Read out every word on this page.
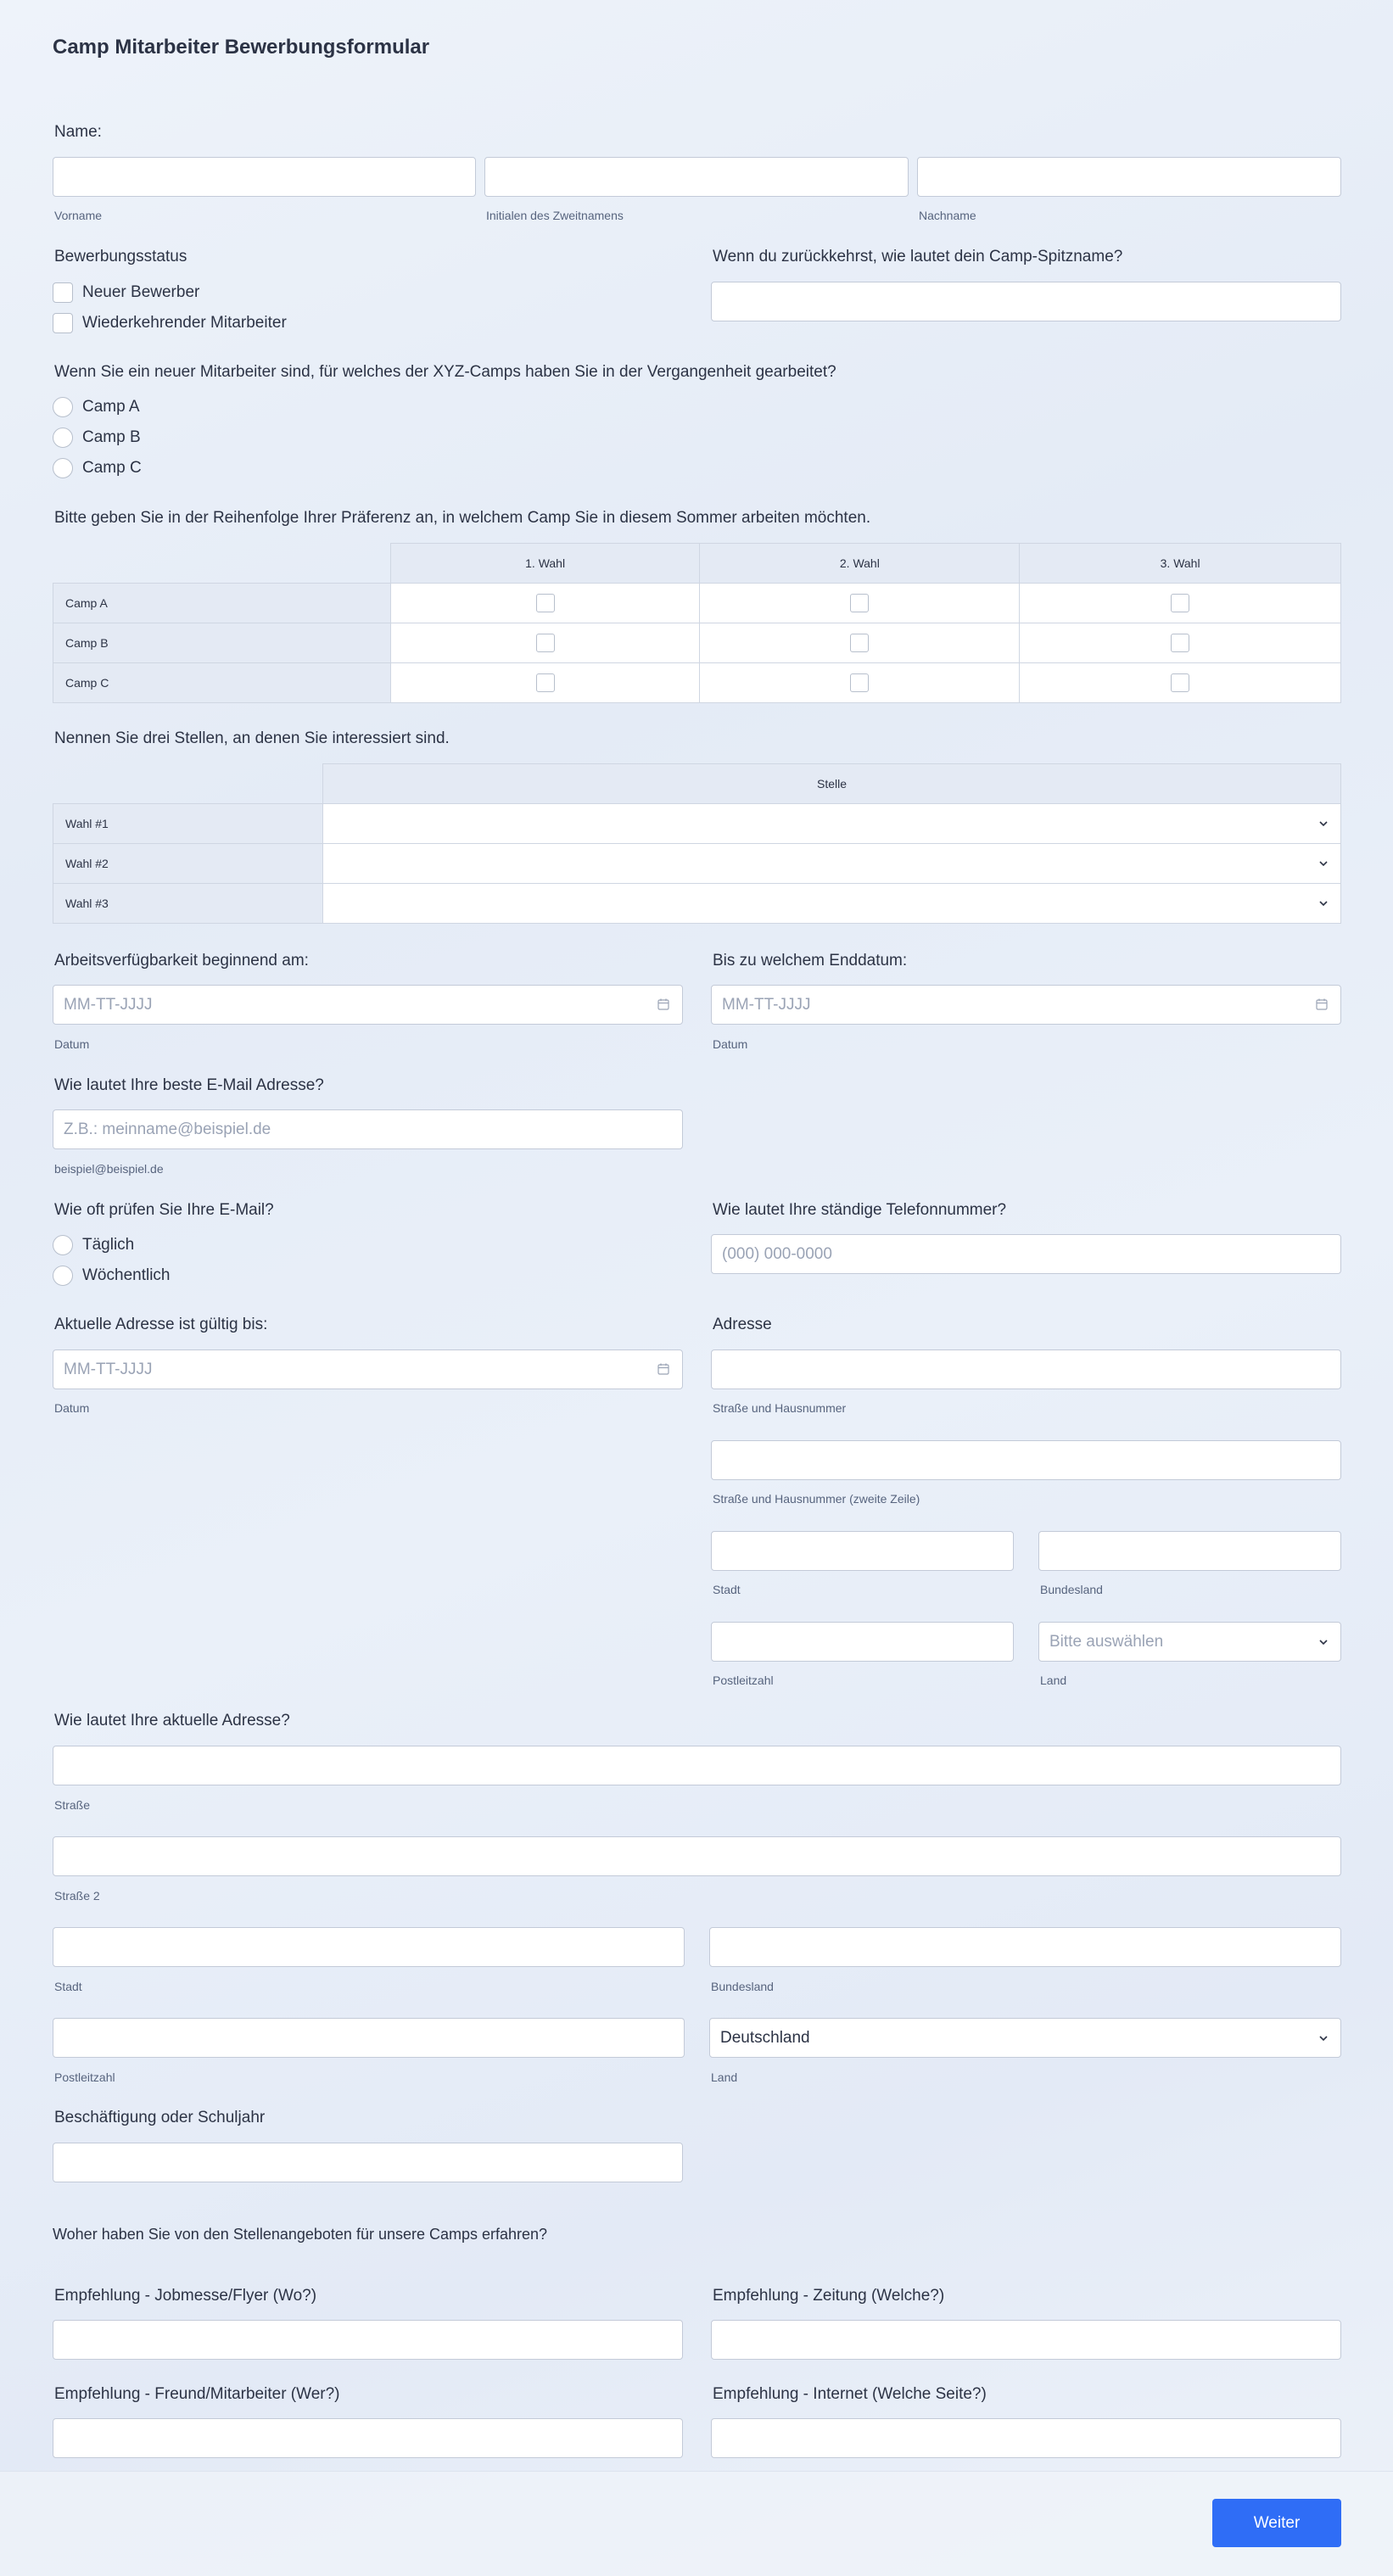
Camp Mitarbeiter Bewerbungsformular
Name:
Vorname	Initialen des Zweitnamens	Nachname
Bewerbungsstatus
Neuer Bewerber
Wiederkehrender Mitarbeiter
Wenn du zurückkehrst, wie lautet dein Camp-Spitzname?
Wenn Sie ein neuer Mitarbeiter sind, für welches der XYZ-Camps haben Sie in der Vergangenheit gearbeitet?
Camp A
Camp B
Camp C
Bitte geben Sie in der Reihenfolge Ihrer Präferenz an, in welchem Camp Sie in diesem Sommer arbeiten möchten.
	1. Wahl	2. Wahl	3. Wahl
Camp A			
Camp B			
Camp C			
Nennen Sie drei Stellen, an denen Sie interessiert sind.
	Stelle
Wahl #1	

Wahl #2	

Wahl #3	
Arbeitsverfügbarkeit beginnend am:
MM-TT-JJJJ
Datum
Bis zu welchem Enddatum:
MM-TT-JJJJ
Datum
Wie lautet Ihre beste E-Mail Adresse?
Z.B.: meinname@beispiel.de
beispiel@beispiel.de
Wie oft prüfen Sie Ihre E-Mail?
Täglich
Wöchentlich
Wie lautet Ihre ständige Telefonnummer?
(000) 000-0000
Aktuelle Adresse ist gültig bis:
MM-TT-JJJJ
Datum
Adresse
Straße und Hausnummer
Straße und Hausnummer (zweite Zeile)
Stadt	Bundesland
Postleitzahl
Bitte auswählen
Land
Wie lautet Ihre aktuelle Adresse?
Straße
Straße 2
Stadt	Bundesland
Postleitzahl
Deutschland
Land
Beschäftigung oder Schuljahr
Woher haben Sie von den Stellenangeboten für unsere Camps erfahren?
Empfehlung - Jobmesse/Flyer (Wo?)	Empfehlung - Zeitung (Welche?)
Empfehlung - Freund/Mitarbeiter (Wer?)	Empfehlung - Internet (Welche Seite?)
Weiter
